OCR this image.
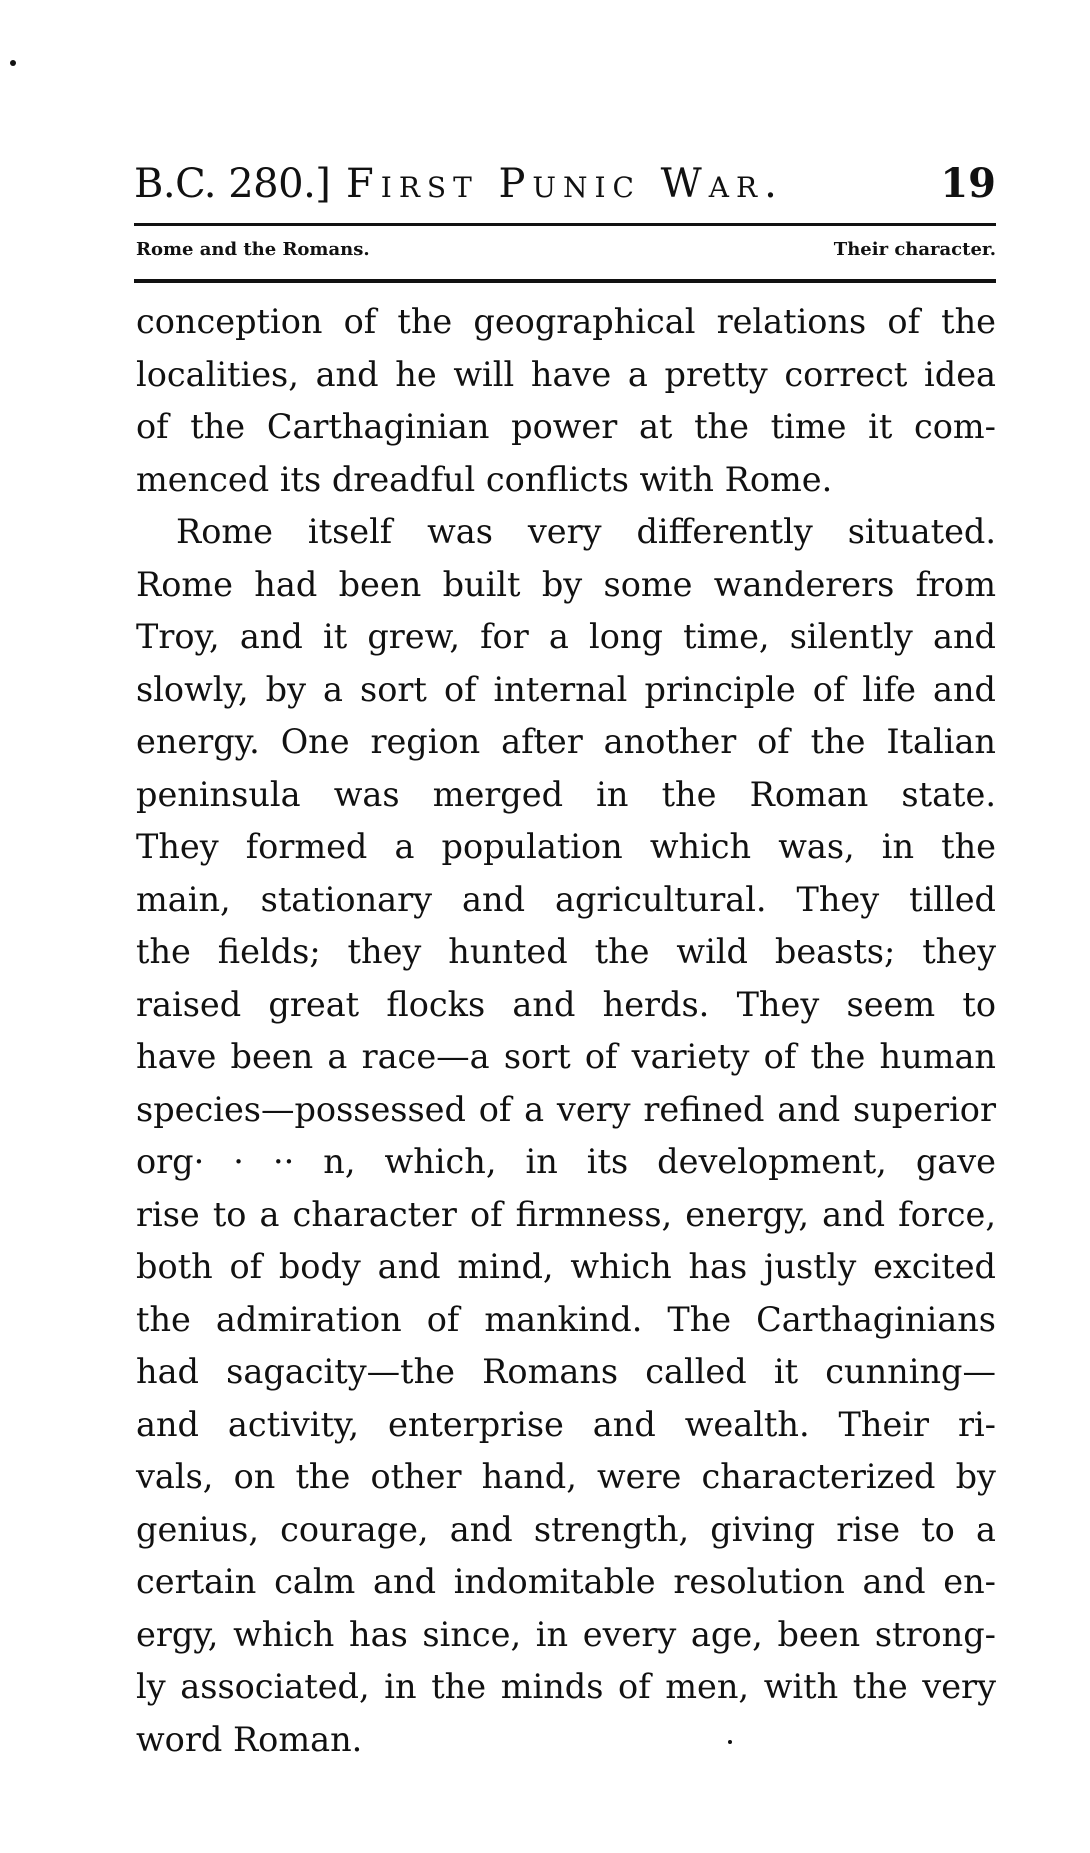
B.C. 280.] First Punic War.	19
Rome and the Romans.	Their character.
conception of the geographical relations of the
localities, and he will have a pretty correct idea
of the Carthaginian power at the time it com-
menced its dreadful conflicts with Rome.
Rome itself was very differently situated.
Rome had been built by some wanderers from
Troy, and it grew, for a long time, silently and
slowly, by a sort of internal principle of life and
energy. One region after another of the Italian
peninsula was merged in the Roman state.
They formed a population which was, in the
main, stationary and agricultural. They tilled
the fields; they hunted the wild beasts; they
raised great flocks and herds. They seem to
have been a race—a sort of variety of the human
species—possessed of a very refined and superior
org· · ·· n, which, in its development, gave
rise to a character of firmness, energy, and force,
both of body and mind, which has justly excited
the admiration of mankind. The Carthaginians
had sagacity—the Romans called it cunning—
and activity, enterprise and wealth. Their ri-
vals, on the other hand, were characterized by
genius, courage, and strength, giving rise to a
certain calm and indomitable resolution and en-
ergy, which has since, in every age, been strong-
ly associated, in the minds of men, with the very
word Roman.
